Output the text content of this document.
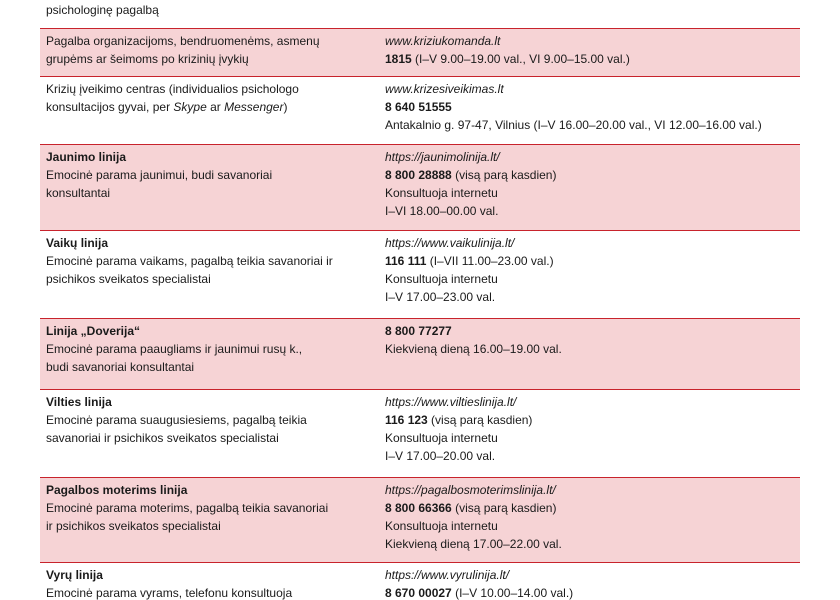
psichologinę pagalbą
Pagalba organizacijoms, bendruomenėms, asmenų
grupėms ar šeimoms po krizinių įvykių
www.kriziukomanda.lt
1815 (I–V 9.00–19.00 val., VI 9.00–15.00 val.)
Krizių įveikimo centras (individualios psichologo
konsultacijos gyvai, per Skype ar Messenger)
www.krizesiveikimas.lt
8 640 51555
Antakalnio g. 97-47, Vilnius (I–V 16.00–20.00 val., VI 12.00–16.00 val.)
Jaunimo linija
Emocinė parama jaunimui, budi savanoriai
konsultantai
https://jaunimolinija.lt/
8 800 28888 (visą parą kasdien)
Konsultuoja internetu
I–VI 18.00–00.00 val.
Vaikų linija
Emocinė parama vaikams, pagalbą teikia savanoriai ir
psichikos sveikatos specialistai
https://www.vaikulinija.lt/
116 111 (I–VII 11.00–23.00 val.)
Konsultuoja internetu
I–V 17.00–23.00 val.
Linija „Doverija“
Emocinė parama paaugliams ir jaunimui rusų k.,
budi savanoriai konsultantai
8 800 77277
Kiekvieną dieną 16.00–19.00 val.
Vilties linija
Emocinė parama suaugusiesiems, pagalbą teikia
savanoriai ir psichikos sveikatos specialistai
https://www.viltieslinija.lt/
116 123 (visą parą kasdien)
Konsultuoja internetu
I–V 17.00–20.00 val.
Pagalbos moterims linija
Emocinė parama moterims, pagalbą teikia savanoriai
ir psichikos sveikatos specialistai
https://pagalbosmoterimslinija.lt/
8 800 66366 (visą parą kasdien)
Konsultuoja internetu
Kiekvieną dieną 17.00–22.00 val.
Vyrų linija
Emocinė parama vyrams, telefonu konsultuoja
https://www.vyrulinija.lt/
8 670 00027 (I–V 10.00–14.00 val.)
